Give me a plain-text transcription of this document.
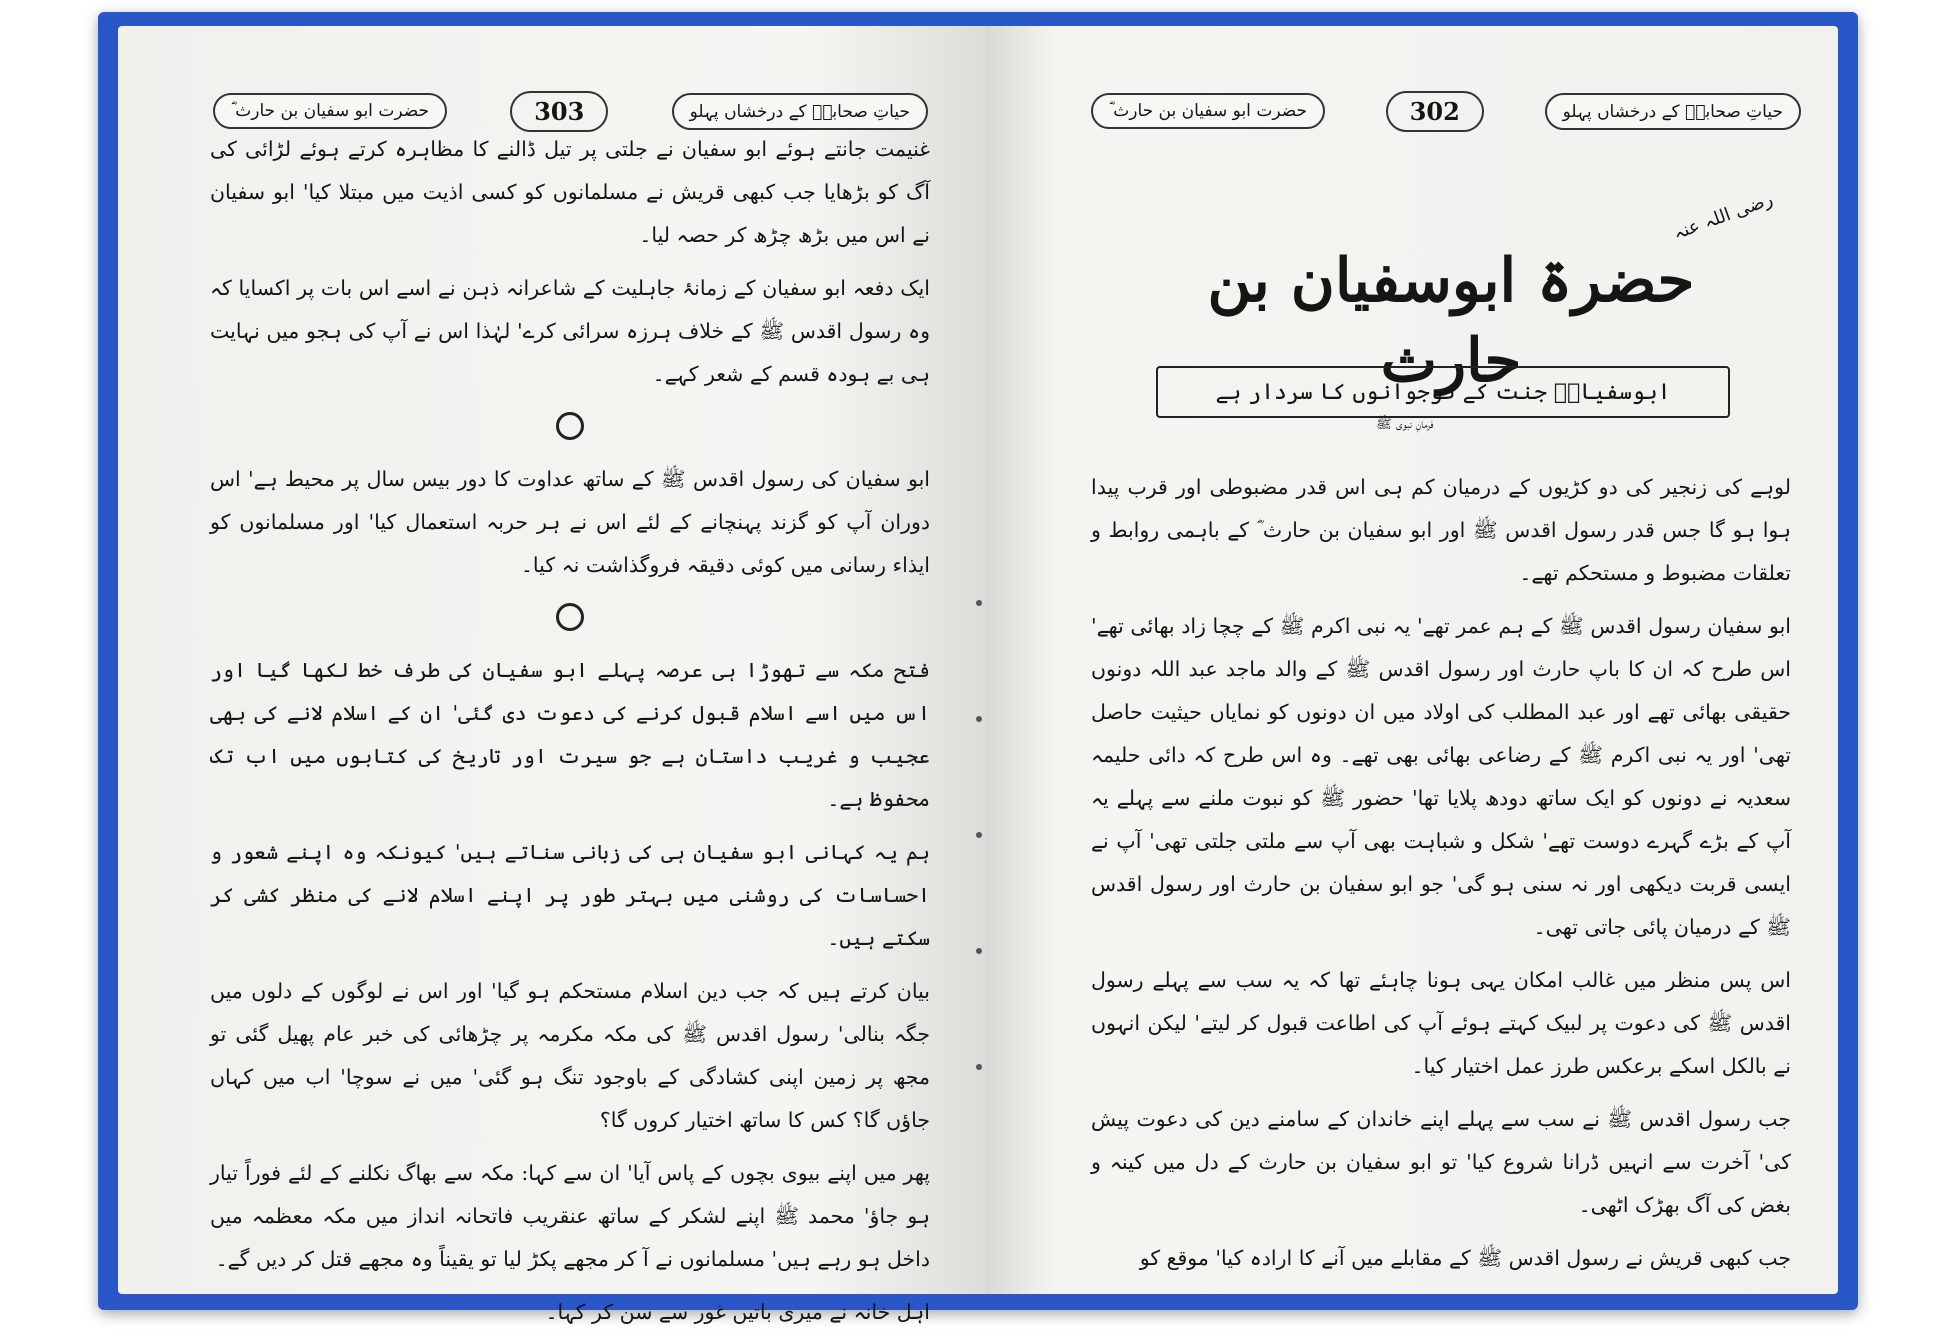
حیاتِ صحابہؓ کے درخشاں پہلو
303
حضرت ابو سفیان بن حارث ؓ

غنیمت جانتے ہوئے ابو سفیان نے جلتی پر تیل ڈالنے کا مظاہرہ کرتے ہوئے لڑائی کی آگ کو بڑھایا جب کبھی قریش نے مسلمانوں کو کسی اذیت میں مبتلا کیا' ابو سفیان نے اس میں بڑھ چڑھ کر حصہ لیا۔

ایک دفعہ ابو سفیان کے زمانۂ جاہلیت کے شاعرانہ ذہن نے اسے اس بات پر اکسایا کہ وہ رسول اقدس ﷺ کے خلاف ہرزہ سرائی کرے' لہٰذا اس نے آپ کی ہجو میں نہایت ہی بے ہودہ قسم کے شعر کہے۔

ابو سفیان کی رسول اقدس ﷺ کے ساتھ عداوت کا دور بیس سال پر محیط ہے' اس دوران آپ کو گزند پہنچانے کے لئے اس نے ہر حربہ استعمال کیا' اور مسلمانوں کو ایذاء رسانی میں کوئی دقیقہ فروگذاشت نہ کیا۔

فتح مکہ سے تھوڑا ہی عرصہ پہلے ابو سفیان کی طرف خط لکھا گیا اور اس میں اسے اسلام قبول کرنے کی دعوت دی گئی' ان کے اسلام لانے کی بھی عجیب و غریب داستان ہے جو سیرت اور تاریخ کی کتابوں میں اب تک محفوظ ہے۔

ہم یہ کہانی ابو سفیان ہی کی زبانی سناتے ہیں' کیونکہ وہ اپنے شعور و احساسات کی روشنی میں بہتر طور پر اپنے اسلام لانے کی منظر کشی کر سکتے ہیں۔

بیان کرتے ہیں کہ جب دین اسلام مستحکم ہو گیا' اور اس نے لوگوں کے دلوں میں جگہ بنالی' رسول اقدس ﷺ کی مکہ مکرمہ پر چڑھائی کی خبر عام پھیل گئی تو مجھ پر زمین اپنی کشادگی کے باوجود تنگ ہو گئی' میں نے سوچا' اب میں کہاں جاؤں گا؟ کس کا ساتھ اختیار کروں گا؟

پھر میں اپنے بیوی بچوں کے پاس آیا' ان سے کہا: مکہ سے بھاگ نکلنے کے لئے فوراً تیار ہو جاؤ' محمد ﷺ اپنے لشکر کے ساتھ عنقریب فاتحانہ انداز میں مکہ معظمہ میں داخل ہو رہے ہیں' مسلمانوں نے آ کر مجھے پکڑ لیا تو یقیناً وہ مجھے قتل کر دیں گے۔

اہل خانہ نے میری باتیں غور سے سن کر کہا۔

حیاتِ صحابہؓ کے درخشاں پہلو
302
حضرت ابو سفیان بن حارث ؓ
رضی اللہ عنہ
حضرۃ ابوسفیان بن حارث
ابوسفیانؓ جنت کے نوجوانوں کا سردار ہے
فرمانِ نبوی ﷺ

لوہے کی زنجیر کی دو کڑیوں کے درمیان کم ہی اس قدر مضبوطی اور قرب پیدا ہوا ہو گا جس قدر رسول اقدس ﷺ اور ابو سفیان بن حارث ؓ کے باہمی روابط و تعلقات مضبوط و مستحکم تھے۔

ابو سفیان رسول اقدس ﷺ کے ہم عمر تھے' یہ نبی اکرم ﷺ کے چچا زاد بھائی تھے' اس طرح کہ ان کا باپ حارث اور رسول اقدس ﷺ کے والد ماجد عبد اللہ دونوں حقیقی بھائی تھے اور عبد المطلب کی اولاد میں ان دونوں کو نمایاں حیثیت حاصل تھی' اور یہ نبی اکرم ﷺ کے رضاعی بھائی بھی تھے۔ وہ اس طرح کہ دائی حلیمہ سعدیہ نے دونوں کو ایک ساتھ دودھ پلایا تھا' حضور ﷺ کو نبوت ملنے سے پہلے یہ آپ کے بڑے گہرے دوست تھے' شکل و شباہت بھی آپ سے ملتی جلتی تھی' آپ نے ایسی قربت دیکھی اور نہ سنی ہو گی' جو ابو سفیان بن حارث اور رسول اقدس ﷺ کے درمیان پائی جاتی تھی۔

اس پس منظر میں غالب امکان یہی ہونا چاہئے تھا کہ یہ سب سے پہلے رسول اقدس ﷺ کی دعوت پر لبیک کہتے ہوئے آپ کی اطاعت قبول کر لیتے' لیکن انہوں نے بالکل اسکے برعکس طرز عمل اختیار کیا۔

جب رسول اقدس ﷺ نے سب سے پہلے اپنے خاندان کے سامنے دین کی دعوت پیش کی' آخرت سے انہیں ڈرانا شروع کیا' تو ابو سفیان بن حارث کے دل میں کینہ و بغض کی آگ بھڑک اٹھی۔

جب کبھی قریش نے رسول اقدس ﷺ کے مقابلے میں آنے کا ارادہ کیا' موقع کو
